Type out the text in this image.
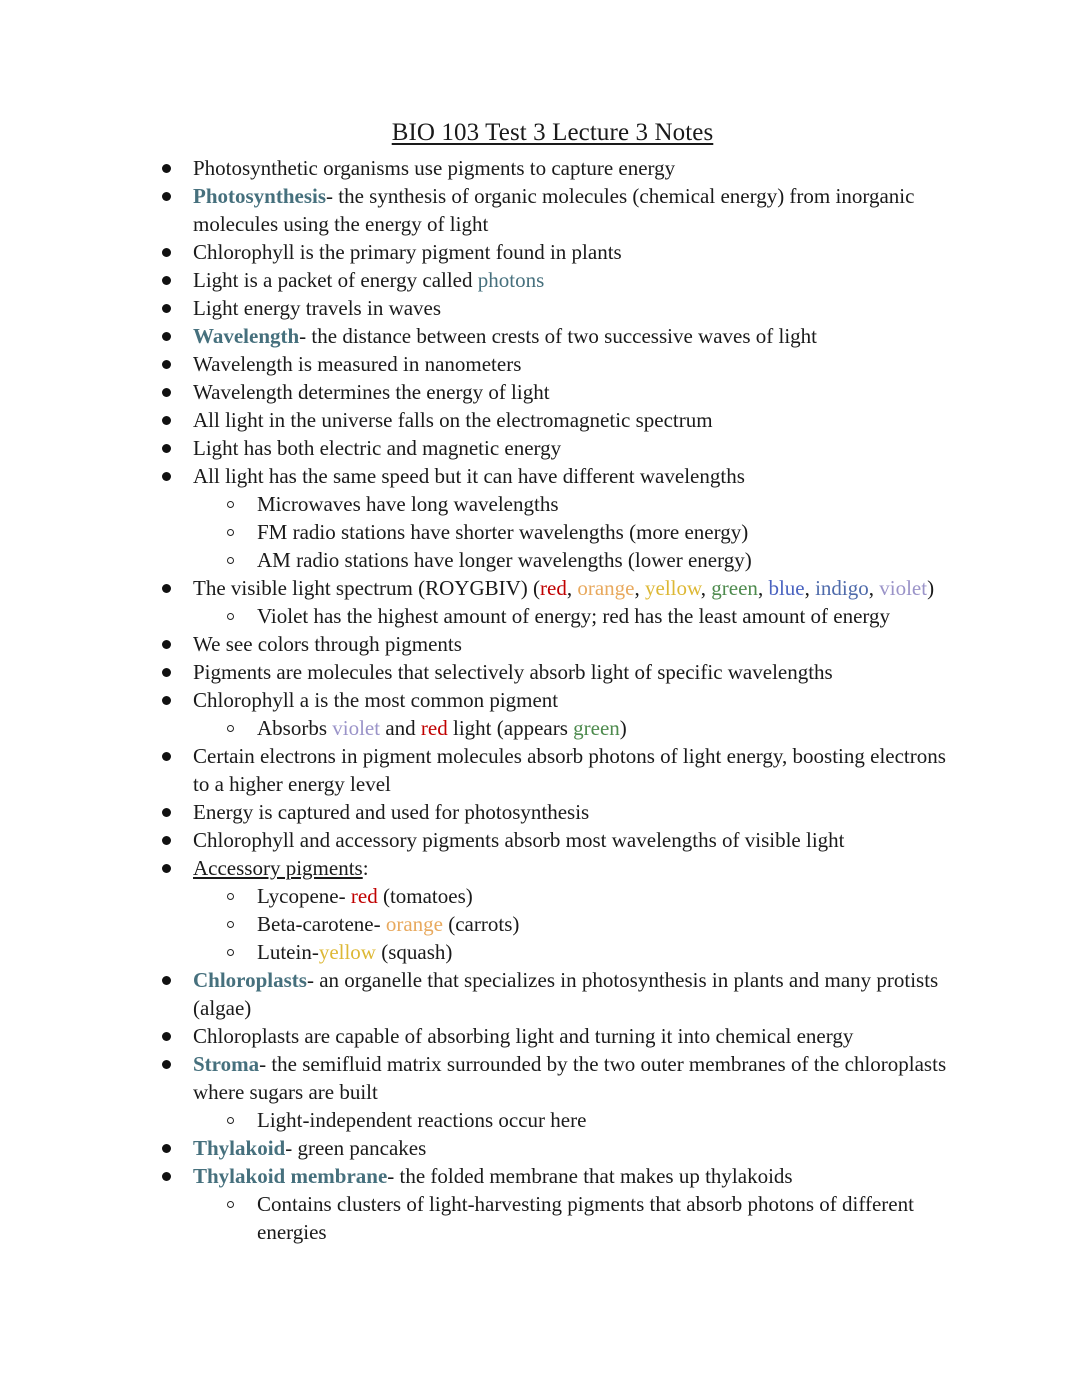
BIO 103 Test 3 Lecture 3 Notes
Photosynthetic organisms use pigments to capture energy
Photosynthesis- the synthesis of organic molecules (chemical energy) from inorganic molecules using the energy of light
Chlorophyll is the primary pigment found in plants
Light is a packet of energy called photons
Light energy travels in waves
Wavelength- the distance between crests of two successive waves of light
Wavelength is measured in nanometers
Wavelength determines the energy of light
All light in the universe falls on the electromagnetic spectrum
Light has both electric and magnetic energy
All light has the same speed but it can have different wavelengths
Microwaves have long wavelengths
FM radio stations have shorter wavelengths (more energy)
AM radio stations have longer wavelengths (lower energy)
The visible light spectrum (ROYGBIV) (red, orange, yellow, green, blue, indigo, violet)
Violet has the highest amount of energy; red has the least amount of energy
We see colors through pigments
Pigments are molecules that selectively absorb light of specific wavelengths
Chlorophyll a is the most common pigment
Absorbs violet and red light (appears green)
Certain electrons in pigment molecules absorb photons of light energy, boosting electrons to a higher energy level
Energy is captured and used for photosynthesis
Chlorophyll and accessory pigments absorb most wavelengths of visible light
Accessory pigments:
Lycopene- red (tomatoes)
Beta-carotene- orange (carrots)
Lutein-yellow (squash)
Chloroplasts- an organelle that specializes in photosynthesis in plants and many protists (algae)
Chloroplasts are capable of absorbing light and turning it into chemical energy
Stroma- the semifluid matrix surrounded by the two outer membranes of the chloroplasts where sugars are built
Light-independent reactions occur here
Thylakoid- green pancakes
Thylakoid membrane- the folded membrane that makes up thylakoids
Contains clusters of light-harvesting pigments that absorb photons of different energies
